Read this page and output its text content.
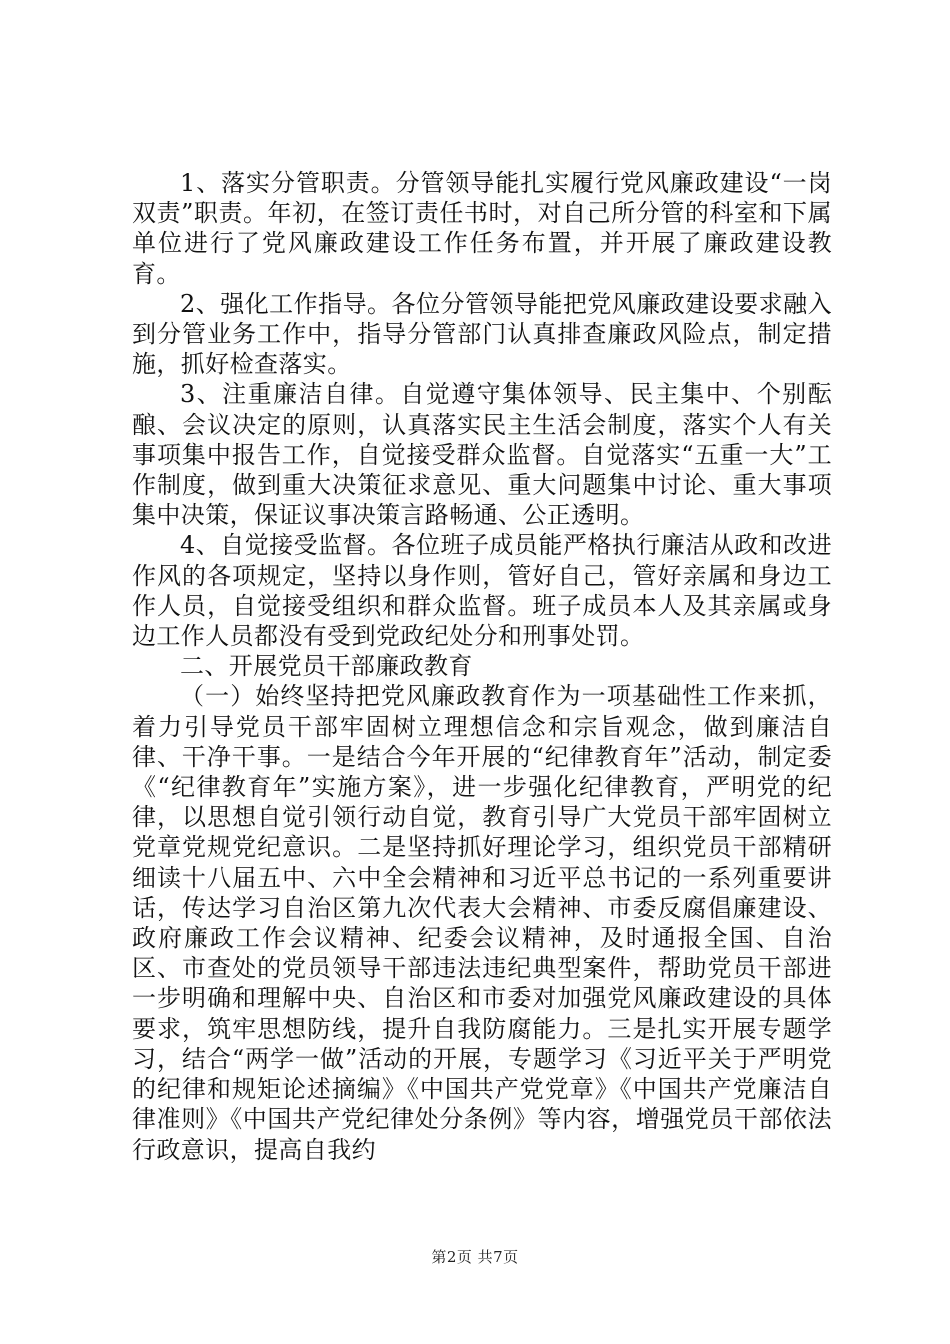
1、落实分管职责。分管领导能扎实履行党风廉政建设“一岗双责”职责。年初，在签订责任书时，对自己所分管的科室和下属单位进行了党风廉政建设工作任务布置，并开展了廉政建设教育。

2、强化工作指导。各位分管领导能把党风廉政建设要求融入到分管业务工作中，指导分管部门认真排查廉政风险点，制定措施，抓好检查落实。

3、注重廉洁自律。自觉遵守集体领导、民主集中、个别酝酿、会议决定的原则，认真落实民主生活会制度，落实个人有关事项集中报告工作，自觉接受群众监督。自觉落实“五重一大”工作制度，做到重大决策征求意见、重大问题集中讨论、重大事项集中决策，保证议事决策言路畅通、公正透明。

4、自觉接受监督。各位班子成员能严格执行廉洁从政和改进作风的各项规定，坚持以身作则，管好自己，管好亲属和身边工作人员，自觉接受组织和群众监督。班子成员本人及其亲属或身边工作人员都没有受到党政纪处分和刑事处罚。

二、开展党员干部廉政教育

（一）始终坚持把党风廉政教育作为一项基础性工作来抓，着力引导党员干部牢固树立理想信念和宗旨观念，做到廉洁自律、干净干事。一是结合今年开展的“纪律教育年”活动，制定委《“纪律教育年”实施方案》，进一步强化纪律教育，严明党的纪律，以思想自觉引领行动自觉，教育引导广大党员干部牢固树立党章党规党纪意识。二是坚持抓好理论学习，组织党员干部精研细读十八届五中、六中全会精神和习近平总书记的一系列重要讲话，传达学习自治区第九次代表大会精神、市委反腐倡廉建设、政府廉政工作会议精神、纪委会议精神，及时通报全国、自治区、市查处的党员领导干部违法违纪典型案件，帮助党员干部进一步明确和理解中央、自治区和市委对加强党风廉政建设的具体要求，筑牢思想防线，提升自我防腐能力。三是扎实开展专题学习，结合“两学一做”活动的开展，专题学习《习近平关于严明党的纪律和规矩论述摘编》《中国共产党党章》《中国共产党廉洁自律准则》《中国共产党纪律处分条例》等内容，增强党员干部依法行政意识，提高自我约

第2页 共7页
